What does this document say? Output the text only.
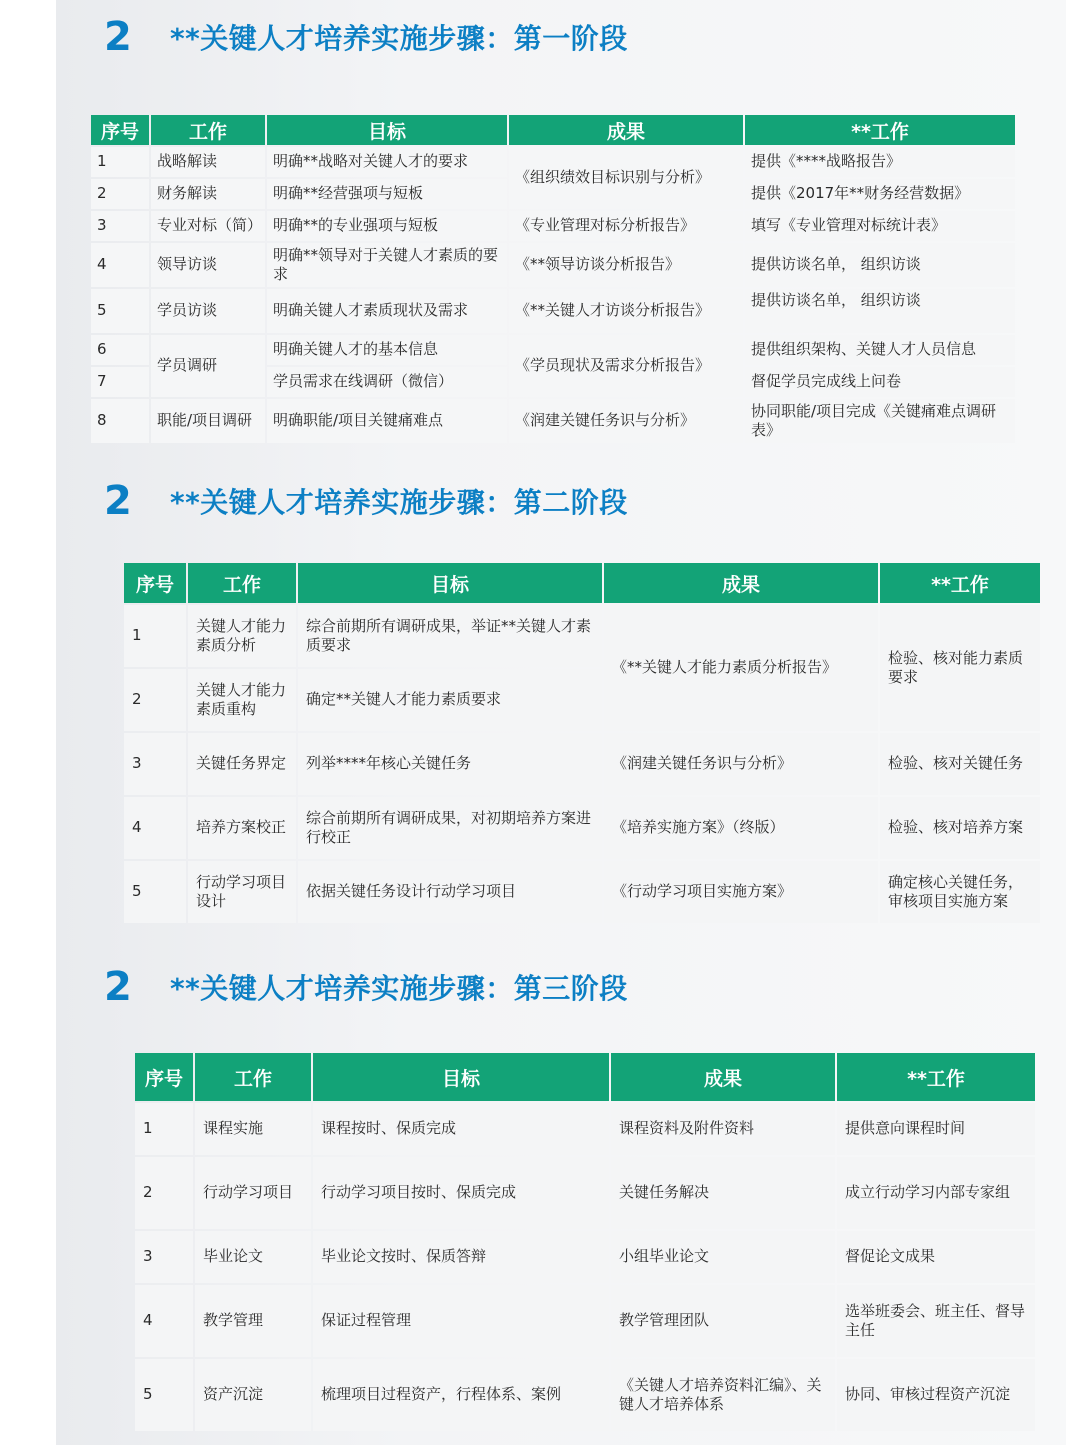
2	**关键人才培养实施步骤：第一阶段
序号	工作	目标	成果	**工作
1	战略解读	明确**战略对关键人才的要求	《组织绩效目标识别与分析》	提供《****战略报告》
2	财务解读	明确**经营强项与短板		提供《2017年**财务经营数据》
3	专业对标（简）	明确**的专业强项与短板	《专业管理对标分析报告》	填写《专业管理对标统计表》
4	领导访谈	明确**领导对于关键人才素质的要求	《**领导访谈分析报告》	提供访谈名单， 组织访谈
5	学员访谈	明确关键人才素质现状及需求	《**关键人才访谈分析报告》	提供访谈名单， 组织访谈
6	学员调研	明确关键人才的基本信息	《学员现状及需求分析报告》	提供组织架构、关键人才人员信息
7		学员需求在线调研（微信）		督促学员完成线上问卷
8	职能/项目调研	明确职能/项目关键痛难点	《润建关键任务识与分析》	协同职能/项目完成《关键痛难点调研表》
2	**关键人才培养实施步骤：第二阶段
序号	工作	目标	成果	**工作
1	关键人才能力素质分析	综合前期所有调研成果，举证**关键人才素质要求	《**关键人才能力素质分析报告》	检验、核对能力素质要求
2	关键人才能力素质重构	确定**关键人才能力素质要求		
3	关键任务界定	列举****年核心关键任务	《润建关键任务识与分析》	检验、核对关键任务
4	培养方案校正	综合前期所有调研成果，对初期培养方案进行校正	《培养实施方案》（终版）	检验、核对培养方案
5	行动学习项目设计	依据关键任务设计行动学习项目	《行动学习项目实施方案》	确定核心关键任务，审核项目实施方案
2	**关键人才培养实施步骤：第三阶段
序号	工作	目标	成果	**工作
1	课程实施	课程按时、保质完成	课程资料及附件资料	提供意向课程时间
2	行动学习项目	行动学习项目按时、保质完成	关键任务解决	成立行动学习内部专家组
3	毕业论文	毕业论文按时、保质答辩	小组毕业论文	督促论文成果
4	教学管理	保证过程管理	教学管理团队	选举班委会、班主任、督导主任
5	资产沉淀	梳理项目过程资产，行程体系、案例	《关键人才培养资料汇编》、关键人才培养体系	协同、审核过程资产沉淀
